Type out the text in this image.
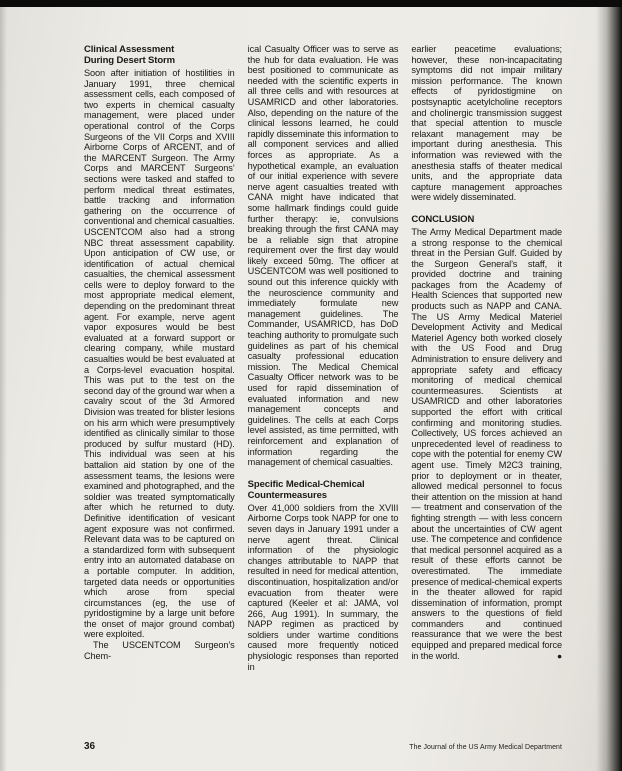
Clinical Assessment
During Desert Storm

Soon after initiation of hostilities in January 1991, three chemical assessment cells, each composed of two experts in chemical casualty management, were placed under operational control of the Corps Surgeons of the VII Corps and XVIII Airborne Corps of ARCENT, and of the MARCENT Surgeon. The Army Corps and MARCENT Surgeons’ sections were tasked and staffed to perform medical threat estimates, battle tracking and information gathering on the occurrence of conventional and chemical casualties. USCENTCOM also had a strong NBC threat assessment capability. Upon anticipation of CW use, or identification of actual chemical casualties, the chemical assessment cells were to deploy forward to the most appropriate medical element, depending on the predominant threat agent. For example, nerve agent vapor exposures would be best evaluated at a forward support or clearing company, while mustard casualties would be best evaluated at a Corps-level evacuation hospital. This was put to the test on the second day of the ground war when a cavalry scout of the 3d Armored Division was treated for blister lesions on his arm which were presumptively identified as clinically similar to those produced by sulfur mustard (HD). This individual was seen at his battalion aid station by one of the assessment teams, the lesions were examined and photographed, and the soldier was treated symptomatically after which he returned to duty. Definitive identification of vesicant agent exposure was not confirmed. Relevant data was to be captured on a standardized form with subsequent entry into an automated database on a portable computer. In addition, targeted data needs or opportunities which arose from special circumstances (eg, the use of pyridostigmine by a large unit before the onset of major ground combat) were exploited.

The USCENTCOM Surgeon’s Chem-

ical Casualty Officer was to serve as the hub for data evaluation. He was best positioned to communicate as needed with the scientific experts in all three cells and with resources at USAMRICD and other laboratories. Also, depending on the nature of the clinical lessons learned, he could rapidly disseminate this information to all component services and allied forces as appropriate. As a hypothetical example, an evaluation of our initial experience with severe nerve agent casualties treated with CANA might have indicated that some hallmark findings could guide further therapy: ie, convulsions breaking through the first CANA may be a reliable sign that atropine requirement over the first day would likely exceed 50mg. The officer at USCENTCOM was well positioned to sound out this inference quickly with the neuroscience community and immediately formulate new management guidelines. The Commander, USAMRICD, has DoD teaching authority to promulgate such guidelines as part of his chemical casualty professional education mission. The Medical Chemical Casualty Officer network was to be used for rapid dissemination of evaluated information and new management concepts and guidelines. The cells at each Corps level assisted, as time permitted, with reinforcement and explanation of information regarding the management of chemical casualties.

Specific Medical-Chemical
Countermeasures

Over 41,000 soldiers from the XVIII Airborne Corps took NAPP for one to seven days in January 1991 under a nerve agent threat. Clinical information of the physiologic changes attributable to NAPP that resulted in need for medical attention, discontinuation, hospitalization and/or evacuation from theater were captured (Keeler et al: JAMA, vol 266, Aug 1991). In summary, the NAPP regimen as practiced by soldiers under wartime conditions caused more frequently noticed physiologic responses than reported in

earlier peacetime evaluations; however, these non-incapacitating symptoms did not impair military mission performance. The known effects of pyridostigmine on postsynaptic acetylcholine receptors and cholinergic transmission suggest that special attention to muscle relaxant management may be important during anesthesia. This information was reviewed with the anesthesia staffs of theater medical units, and the appropriate data capture management approaches were widely disseminated.

CONCLUSION

The Army Medical Department made a strong response to the chemical threat in the Persian Gulf. Guided by the Surgeon General’s staff, it provided doctrine and training packages from the Academy of Health Sciences that supported new products such as NAPP and CANA. The US Army Medical Materiel Development Activity and Medical Materiel Agency both worked closely with the US Food and Drug Administration to ensure delivery and appropriate safety and efficacy monitoring of medical chemical countermeasures. Scientists at USAMRICD and other laboratories supported the effort with critical confirming and monitoring studies. Collectively, US forces achieved an unprecedented level of readiness to cope with the potential for enemy CW agent use. Timely M2C3 training, prior to deployment or in theater, allowed medical personnel to focus their attention on the mission at hand — treatment and conservation of the fighting strength — with less concern about the uncertainties of CW agent use. The competence and confidence that medical personnel acquired as a result of these efforts cannot be overestimated. The immediate presence of medical-chemical experts in the theater allowed for rapid dissemination of information, prompt answers to the questions of field commanders and continued reassurance that we were the best equipped and prepared medical force in the world.	●

36	The Journal of the US Army Medical Department
